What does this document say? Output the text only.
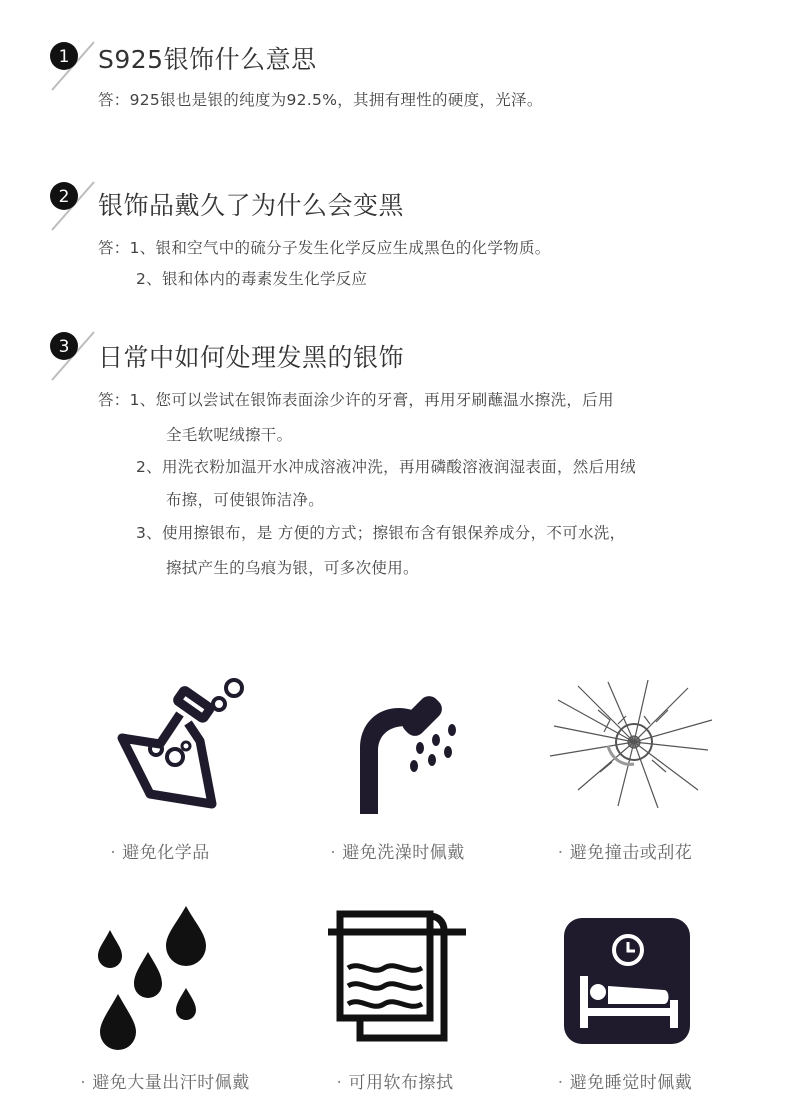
1 S925银饰什么意思
答：925银也是银的纯度为92.5%，其拥有理性的硬度，光泽。
2 银饰品戴久了为什么会变黑
答：1、银和空气中的硫分子发生化学反应生成黑色的化学物质。
2、银和体内的毒素发生化学反应
3 日常中如何处理发黑的银饰
答：1、您可以尝试在银饰表面涂少许的牙膏，再用牙刷蘸温水擦洗，后用
全毛软呢绒擦干。
2、用洗衣粉加温开水冲成溶液冲洗，再用磷酸溶液润湿表面，然后用绒
布擦，可使银饰洁净。
3、使用擦银布，是 方便的方式；擦银布含有银保养成分，不可水洗，
擦拭产生的乌痕为银，可多次使用。
· 避免化学品	· 避免洗澡时佩戴	· 避免撞击或刮花
· 避免大量出汗时佩戴	· 可用软布擦拭	· 避免睡觉时佩戴
